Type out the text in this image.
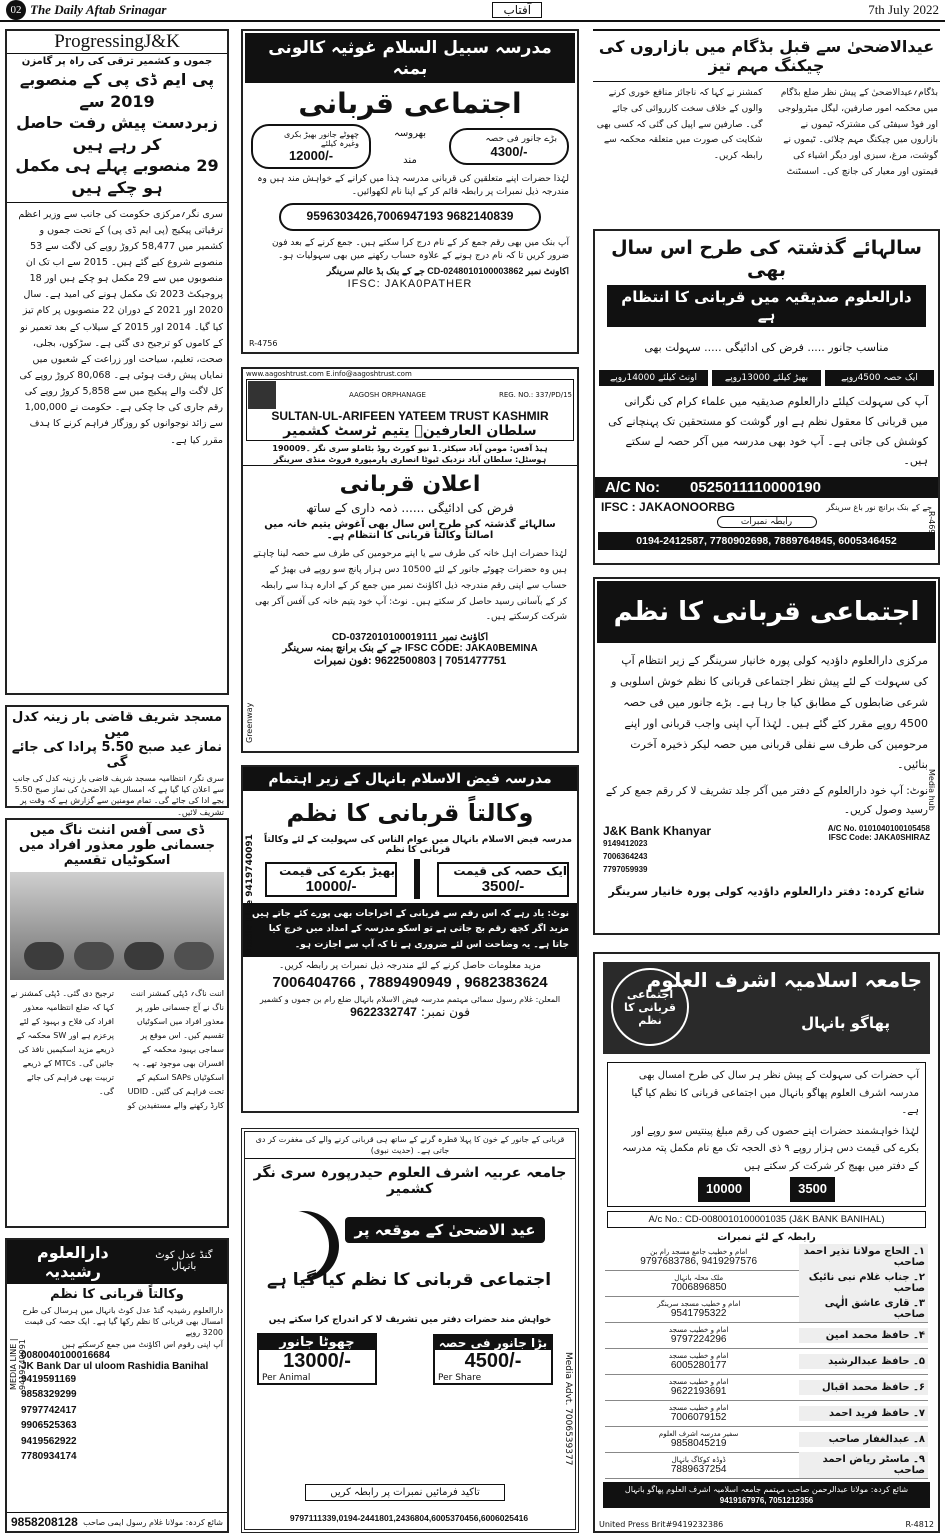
02 The Daily Aftab Srinagar	آفتاب	7th July 2022
ProgressingJ&K
جموں و کشمیر ترقی کی راہ پر گامزن
پی ایم ڈی پی کے منصوبے 2019 سے
زبردست پیش رفت حاصل کر رہے ہیں
29 منصوبے پہلے ہی مکمل ہو چکے ہیں
سری نگر؍مرکزی حکومت کی جانب سے وزیر اعظم ترقیاتی پیکیج (پی ایم ڈی پی) کے تحت جموں و کشمیر میں 58,477 کروڑ روپے کی لاگت سے 53 منصوبے شروع کیے گئے ہیں۔ 2015 سے اب تک ان منصوبوں میں سے 29 مکمل ہو چکے ہیں اور 18 پروجیکٹ 2023 تک مکمل ہونے کی امید ہے۔ سال 2020 اور 2021 کے دوران 22 منصوبوں پر کام تیز کیا گیا۔ 2014 اور 2015 کے سیلاب کے بعد تعمیر نو کے کاموں کو ترجیح دی گئی ہے۔ سڑکوں، بجلی، صحت، تعلیم، سیاحت اور زراعت کے شعبوں میں نمایاں پیش رفت ہوئی ہے۔ 80,068 کروڑ روپے کی کل لاگت والے پیکیج میں سے 5,858 کروڑ روپے کی رقم جاری کی جا چکی ہے۔ حکومت نے 1,00,000 سے زائد نوجوانوں کو روزگار فراہم کرنے کا ہدف مقرر کیا ہے۔
مسجد شریف قاضی بار زینہ کدل میں
نماز عید صبح 5.50 پرادا کی جائے گی
سری نگر؍ انتظامیہ مسجد شریف قاضی بار زینہ کدل کی جانب سے اعلان کیا گیا ہے کہ امسال عید الاضحیٰ کی نماز صبح 5.50 بجے ادا کی جائے گی۔ تمام مومنین سے گزارش ہے کہ وقت پر تشریف لائیں۔
ڈی سی آفس اننت ناگ میں
جسمانی طور معذور افراد میں اسکوٹیاں تقسیم
اننت ناگ؍ ڈپٹی کمشنر اننت ناگ نے آج جسمانی طور پر معذور افراد میں اسکوٹیاں تقسیم کیں۔ اس موقع پر سماجی بہبود محکمہ کے افسران بھی موجود تھے۔ یہ اسکوٹیاں SAPs اسکیم کے تحت فراہم کی گئیں۔ UDID کارڈ رکھنے والے مستفیدین کو ترجیح دی گئی۔ ڈپٹی کمشنر نے کہا کہ ضلع انتظامیہ معذور افراد کی فلاح و بہبود کے لئے پرعزم ہے اور SW محکمہ کے ذریعے مزید اسکیمیں نافذ کی جائیں گی۔ MTCs کے ذریعے تربیت بھی فراہم کی جائے گی۔
گنڈ عدل کوٹ بانہال
دارالعلوم رشیدیہ
وکالتاً قربانی کا نظم
MEDIA LINE | 9419740091
دارالعلوم رشیدیہ گنڈ عدل کوٹ بانہال میں ہرسال کی طرح امسال بھی قربانی کا نظم رکھا گیا ہے۔ ایک حصہ کی قیمت 3200 روپے
آپ اپنی رقوم اس اکاؤنٹ میں جمع کرسکتے ہیں
0080040100016684
JK Bank Dar ul uloom Rashidia Banihal
9419591169
9858329299
9797742417
9906525363
9419562922
7780934174
9858208128 شائع کردہ: مولانا غلام رسول ایمی صاحب
مدرسہ سبیل السلام غوثیہ کالونی بمنہ
اجتماعی قربانی
چھوٹے جانور بھیڑ بکری وغیرہ کیلئے
12000/-
بھروسہ
مند
بڑے جانور فی حصہ
4300/-
لہٰذا حضرات اپنے متعلقین کی قربانی مدرسہ ہٰذا میں کرانے کے خواہش مند ہیں وہ مندرجہ ذیل نمبرات پر رابطہ قائم کر کے اپنا نام لکھوائیں۔
9596303426,7006947193 9682140839
آپ بنک میں بھی رقم جمع کر کے نام درج کرا سکتے ہیں۔ جمع کرنے کے بعد فون ضرور کریں تا کہ نام درج ہونے کے علاوہ حساب رکھنے میں بھی سہولیات ہو۔
اکاونٹ نمبر CD-0248010100003862 جے کے بنک بڈ عالم سرینگر
IFSC: JAKA0PATHER
R-4756
www.aagoshtrust.com E.info@aagoshtrust.com
AAGOSH ORPHANAGE	REG. NO.: 337/PD/15
SULTAN-UL-ARIFEEN YATEEM TRUST KASHMIR
سلطان العارفینؒ یتیم ٹرسٹ کشمیر
ہیڈ آفس: مومن آباد سیکٹر۔1 نیو کورٹ روڈ بٹاملو سری نگر ۔190009
ہوسٹل: سلطان آباد نزدیک ٹیوٹا انصاری پارمپورہ فروٹ منڈی سرینگر
اعلان قربانی
فرض کی ادائیگی ...... ذمہ داری کے ساتھ
سالہائے گذشتہ کی طرح اس سال بھی آغوش یتیم خانہ میں اصالتاً وکالتاً قربانی کا انتظام ہے۔
لہٰذا حضرات اہل خانہ کی طرف سے یا اپنے مرحومین کی طرف سے حصہ لینا چاہتے ہیں وہ حضرات چھوٹے جانور کے لئے 10500 دس ہزار پانچ سو روپے فی بھیڑ کے حساب سے اپنی رقم مندرجہ ذیل اکاؤنٹ نمبر میں جمع کر کے ادارہ ہذا سے رابطہ کر کے بآسانی رسید حاصل کر سکتے ہیں۔ نوٹ: آپ خود یتیم خانہ کی آفس آکر بھی شرکت کرسکتے ہیں۔
اکاؤنٹ نمبر CD-0372010100019111
IFSC CODE: JAKA0BEMINA جے کے بنک برانچ بمنہ سرینگر
7051477751 | 9622500803 :فون نمبرات
Greenway
مدرسہ فیض الاسلام بانہال کے زیر اہتمام
Media Line 9419740091
وکالتاً قربانی کا نظم
مدرسہ فیض الاسلام بانہال میں عوام الناس کی سہولیت کے لئے وکالتاً قربانی کا نظم
بھیڑ بکرے کی قیمت
10000/-
ایک حصہ کی قیمت
3500/-
نوٹ: یاد رہے کہ اس رقم سے قربانی کے اخراجات بھی پورے کئے جاتے ہیں مزید اگر کچھ رقم بچ جاتی ہے تو اسکو مدرسہ کے امداد میں خرچ کیا جاتا ہے۔ یہ وضاحت اس لئے ضروری ہے تا کہ آپ سے اجازت ہو۔
مزید معلومات حاصل کرنے کے لئے مندرجہ ذیل نمبرات پر رابطہ کریں۔
7006404766 , 7889490949 , 9682383624
المعلن: غلام رسول سمائی مہتمم مدرسہ فیض الاسلام بانہال ضلع رام بن جموں و کشمیر
فون نمبر:
9622332747
قربانی کے جانور کے خون کا پہلا قطرہ گرنے کے ساتھ ہی قربانی کرنے والے کی مغفرت کر دی جاتی ہے۔ (حدیث نبوی)
جامعہ عربیہ اشرف العلوم حیدرپورہ سری نگر کشمیر
عید الاضحیٰ کے موقعہ پر
اجتماعی قربانی کا نظم کیا گیا ہے
خواہش مند حضرات دفتر میں تشریف لا کر اندراج کرا سکتے ہیں
چھوٹا جانور
13000/-
Per Animal
بڑا جانور فی حصہ
4500/-
Per Share	Media Advt. 7006539377
تاکید فرمائیں نمبرات پر رابطہ کریں
9797111339,0194-2441801,2436804,6005370456,6006025416
عیدالاضحیٰ سے قبل بڈگام میں بازاروں کی چیکنگ مہم تیز
بڈگام؍عیدالاضحیٰ کے پیش نظر ضلع بڈگام میں محکمہ امور صارفین، لیگل میٹرولوجی اور فوڈ سیفٹی کی مشترکہ ٹیموں نے بازاروں میں چیکنگ مہم چلائی۔ ٹیموں نے گوشت، مرغ، سبزی اور دیگر اشیاء کی قیمتوں اور معیار کی جانچ کی۔ اسسٹنٹ کمشنر نے کہا کہ ناجائز منافع خوری کرنے والوں کے خلاف سخت کارروائی کی جائے گی۔ صارفین سے اپیل کی گئی کہ کسی بھی شکایت کی صورت میں متعلقہ محکمہ سے رابطہ کریں۔
سالہائے گذشتہ کی طرح اس سال بھی
دارالعلوم صدیقیہ میں قربانی کا انتظام ہے
مناسب جانور ..... فرض کی ادائیگی ..... سہولت بھی
ایک حصہ 4500روپے
بھیڑ کیلئے 13000روپے
اونٹ کیلئے 14000روپے
آپ کی سہولت کیلئے دارالعلوم صدیقیہ میں علماء کرام کی نگرانی میں قربانی کا معقول نظم ہے اور گوشت کو مستحقین تک پہنچانے کی کوشش کی جاتی ہے۔ آپ خود بھی مدرسہ میں آکر حصہ لے سکتے ہیں۔
A/C No: 0525011110000190
IFSC : JAKAONOORBG	جے کے بنک برانچ نور باغ سرینگر
رابطہ نمبرات
0194-2412587, 7780902698, 7889764845, 6005346452
R-4694
اجتماعی قربانی کا نظم
مرکزی دارالعلوم داؤدیہ کولی پورہ خانیار سرینگر کے زیر انتظام آپ کی سہولت کے لئے پیش نظر اجتماعی قربانی کا نظم خوش اسلوبی و شرعی ضابطوں کے مطابق کیا جا رہا ہے۔ بڑے جانور میں فی حصہ 4500 روپے مقرر کئے گئے ہیں۔ لہٰذا آپ اپنی واجب قربانی اور اپنے مرحومین کی طرف سے نفلی قربانی میں حصہ لیکر ذخیرہ آخرت بنائیں۔
نوٹ: آپ خود دارالعلوم کے دفتر میں آکر جلد تشریف لا کر رقم جمع کر کے رسید وصول کریں۔
J&K Bank Khanyar
9149412023
7006364243
7797059939
A/C No. 0101040100105458
IFSC Code: JAKA0SHIRAZ
شائع کردہ: دفتر دارالعلوم داؤدیہ کولی پورہ خانیار سرینگر
Media hub
جامعہ اسلامیہ اشرف العلوم
پھاگو بانہال
اجتماعی قربانی کا نظم
آپ حضرات کی سہولت کے پیش نظر ہر سال کی طرح امسال بھی مدرسہ اشرف العلوم پھاگو بانہال میں اجتماعی قربانی کا نظم کیا گیا ہے۔
لہٰذا خواہشمند حضرات اپنے حصوں کی رقم مبلغ پینتیس سو روپے اور بکرے کی قیمت دس ہزار روپے ۹ ذی الحجہ تک مع نام مکمل پتہ مدرسہ کے دفتر میں بھیج کر شرکت کر سکتے ہیں
10000	3500
A/c No.: CD-0080010100001035 (J&K BANK BANIHAL)
رابطہ کے لئے نمبرات
امام و خطیب جامع مسجد رام بن
9797683786, 9419297576
۱۔ الحاج مولانا نذیر احمد صاحب
ملک محلہ بانہال
7006896850
۲۔ جناب غلام نبی نائیک صاحب
امام و خطیب مسجد سرینگر
9541795322
۳۔ قاری عاشق الٰہی صاحب
امام و خطیب مسجد
9797224296	۴۔ حافظ محمد امین
امام و خطیب مسجد
6005280177	۵۔ حافظ عبدالرشید
امام و خطیب مسجد
9622193691	۶۔ حافظ محمد اقبال
امام و خطیب مسجد
7006079152	۷۔ حافظ فرید احمد
سفیر مدرسہ اشرف العلوم
9858045219	۸۔ عبدالغفار صاحب
ڈوڈہ کوکاگ بانہال
7889637254
۹۔ ماسٹر ریاض احمد صاحب
شائع کردہ: مولانا عبدالرحمن صاحب مہتمم جامعہ اسلامیہ اشرف العلوم پھاگو بانہال
9419167976, 7051212356
United Press Brit#9419232386	R-4812
